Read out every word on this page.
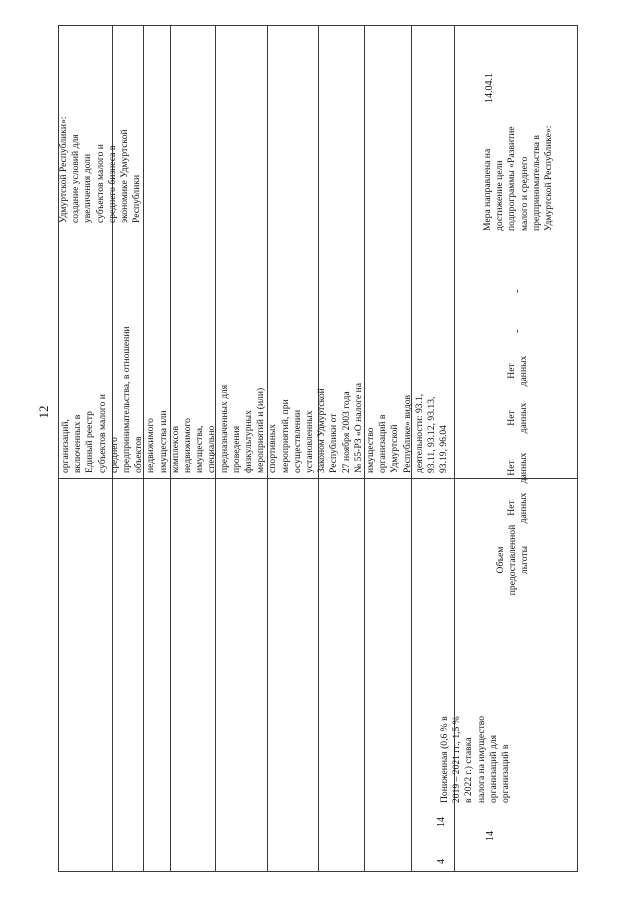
12
организаций,
включенных в
Единый реестр
субъектов малого и
среднего
предпринимательства, в отношении
объектов
недвижимого
имущества или
комплексов
недвижимого
имущества,
специально
предназначенных для
проведения
физкультурных
мероприятий и (или)
спортивных
мероприятий, при
осуществлении
установленных
Законом Удмуртской
Республики от
27 ноября 2003 года
№ 55-РЗ «О налоге на
имущество
организаций в
Удмуртской
Республике» видов
деятельности: 93.1,
93.11, 93.12, 93.13,
93.19, 96.04
Удмуртской Республики»:
создание условий для
увеличения доли
субъектов малого и
среднего бизнеса в
экономике Удмуртской
Республики
14
4
14
Пониженная (0,6 % в
2019 – 2021 гг., 1,5 %
в 2022 г.) ставка
налога на имущество
организаций для
организаций в
Объем
предоставленной
льготы
Нет
данных
Нет
данных
Нет
данных
Нет
данных
-
-
Мера направлена на
достижение цели
подпрограммы «Развитие
малого и среднего
предпринимательства в
Удмуртской Республике»:
14.04.1
